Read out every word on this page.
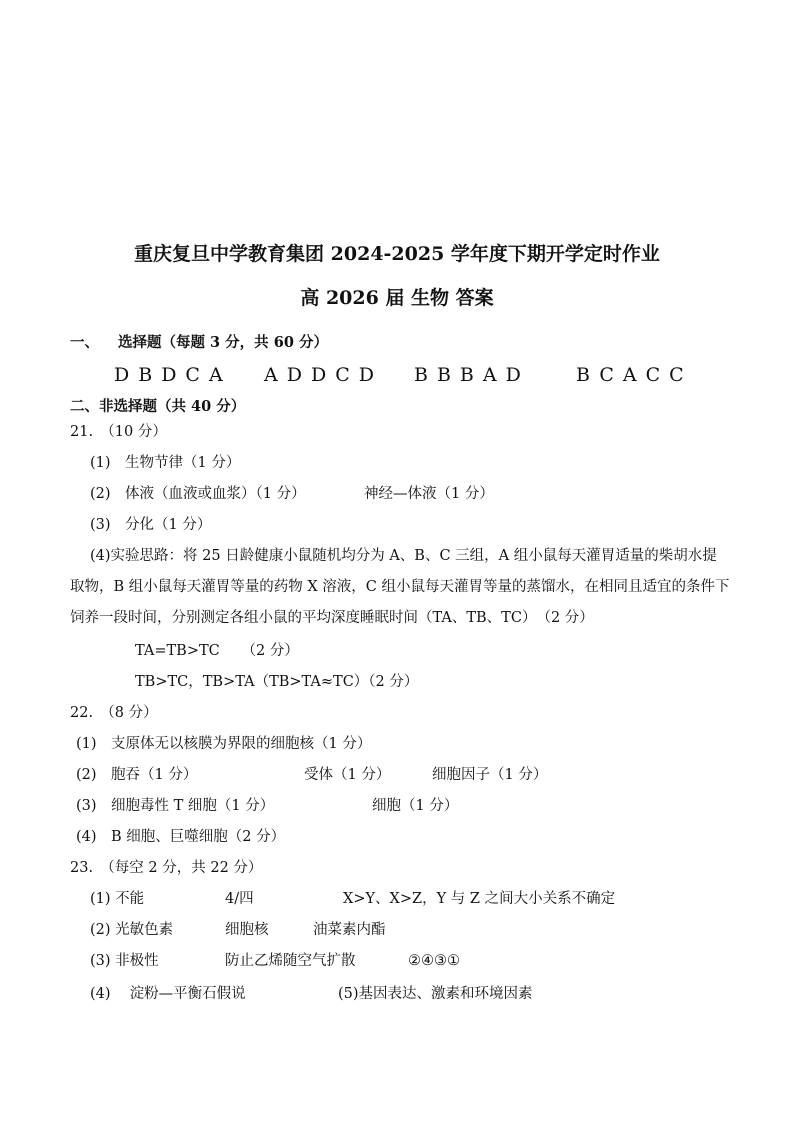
重庆复旦中学教育集团 2024-2025 学年度下期开学定时作业
高 2026 届 生物 答案
一、 选择题（每题 3 分，共 60 分）
DBDCA ADDCD BBBAD BCACC
二、非选择题（共 40 分）
21.　（10 分）
(1)　生物节律（1 分）
(2)　体液（血液或血浆）（1 分）	神经—体液（1 分）
(3)　分化（1 分）
(4)实验思路：将 25 日龄健康小鼠随机均分为 A、B、C 三组，A 组小鼠每天灌胃适量的柴胡水提取物，B 组小鼠每天灌胃等量的药物 X 溶液，C 组小鼠每天灌胃等量的蒸馏水，在相同且适宜的条件下饲养一段时间，分别测定各组小鼠的平均深度睡眠时间（TA、TB、TC）　（2 分）
TA=TB>TC　　（2 分）
TB>TC，TB>TA（TB>TA≈TC）（2 分）
22.　（8 分）
(1)　支原体无以核膜为界限的细胞核（1 分）
(2)　胞吞（1 分）	受体（1 分）	细胞因子（1 分）
(3)　细胞毒性 T 细胞（1 分）	细胞（1 分）
(4)　B 细胞、巨噬细胞（2 分）
23.　（每空 2 分，共 22 分）
(1) 不能	4/四	X>Y、X>Z，Y 与 Z 之间大小关系不确定
(2) 光敏色素	细胞核	油菜素内酯
(3) 非极性	防止乙烯随空气扩散	②④③①
(4)　 淀粉—平衡石假说	(5)基因表达、激素和环境因素
